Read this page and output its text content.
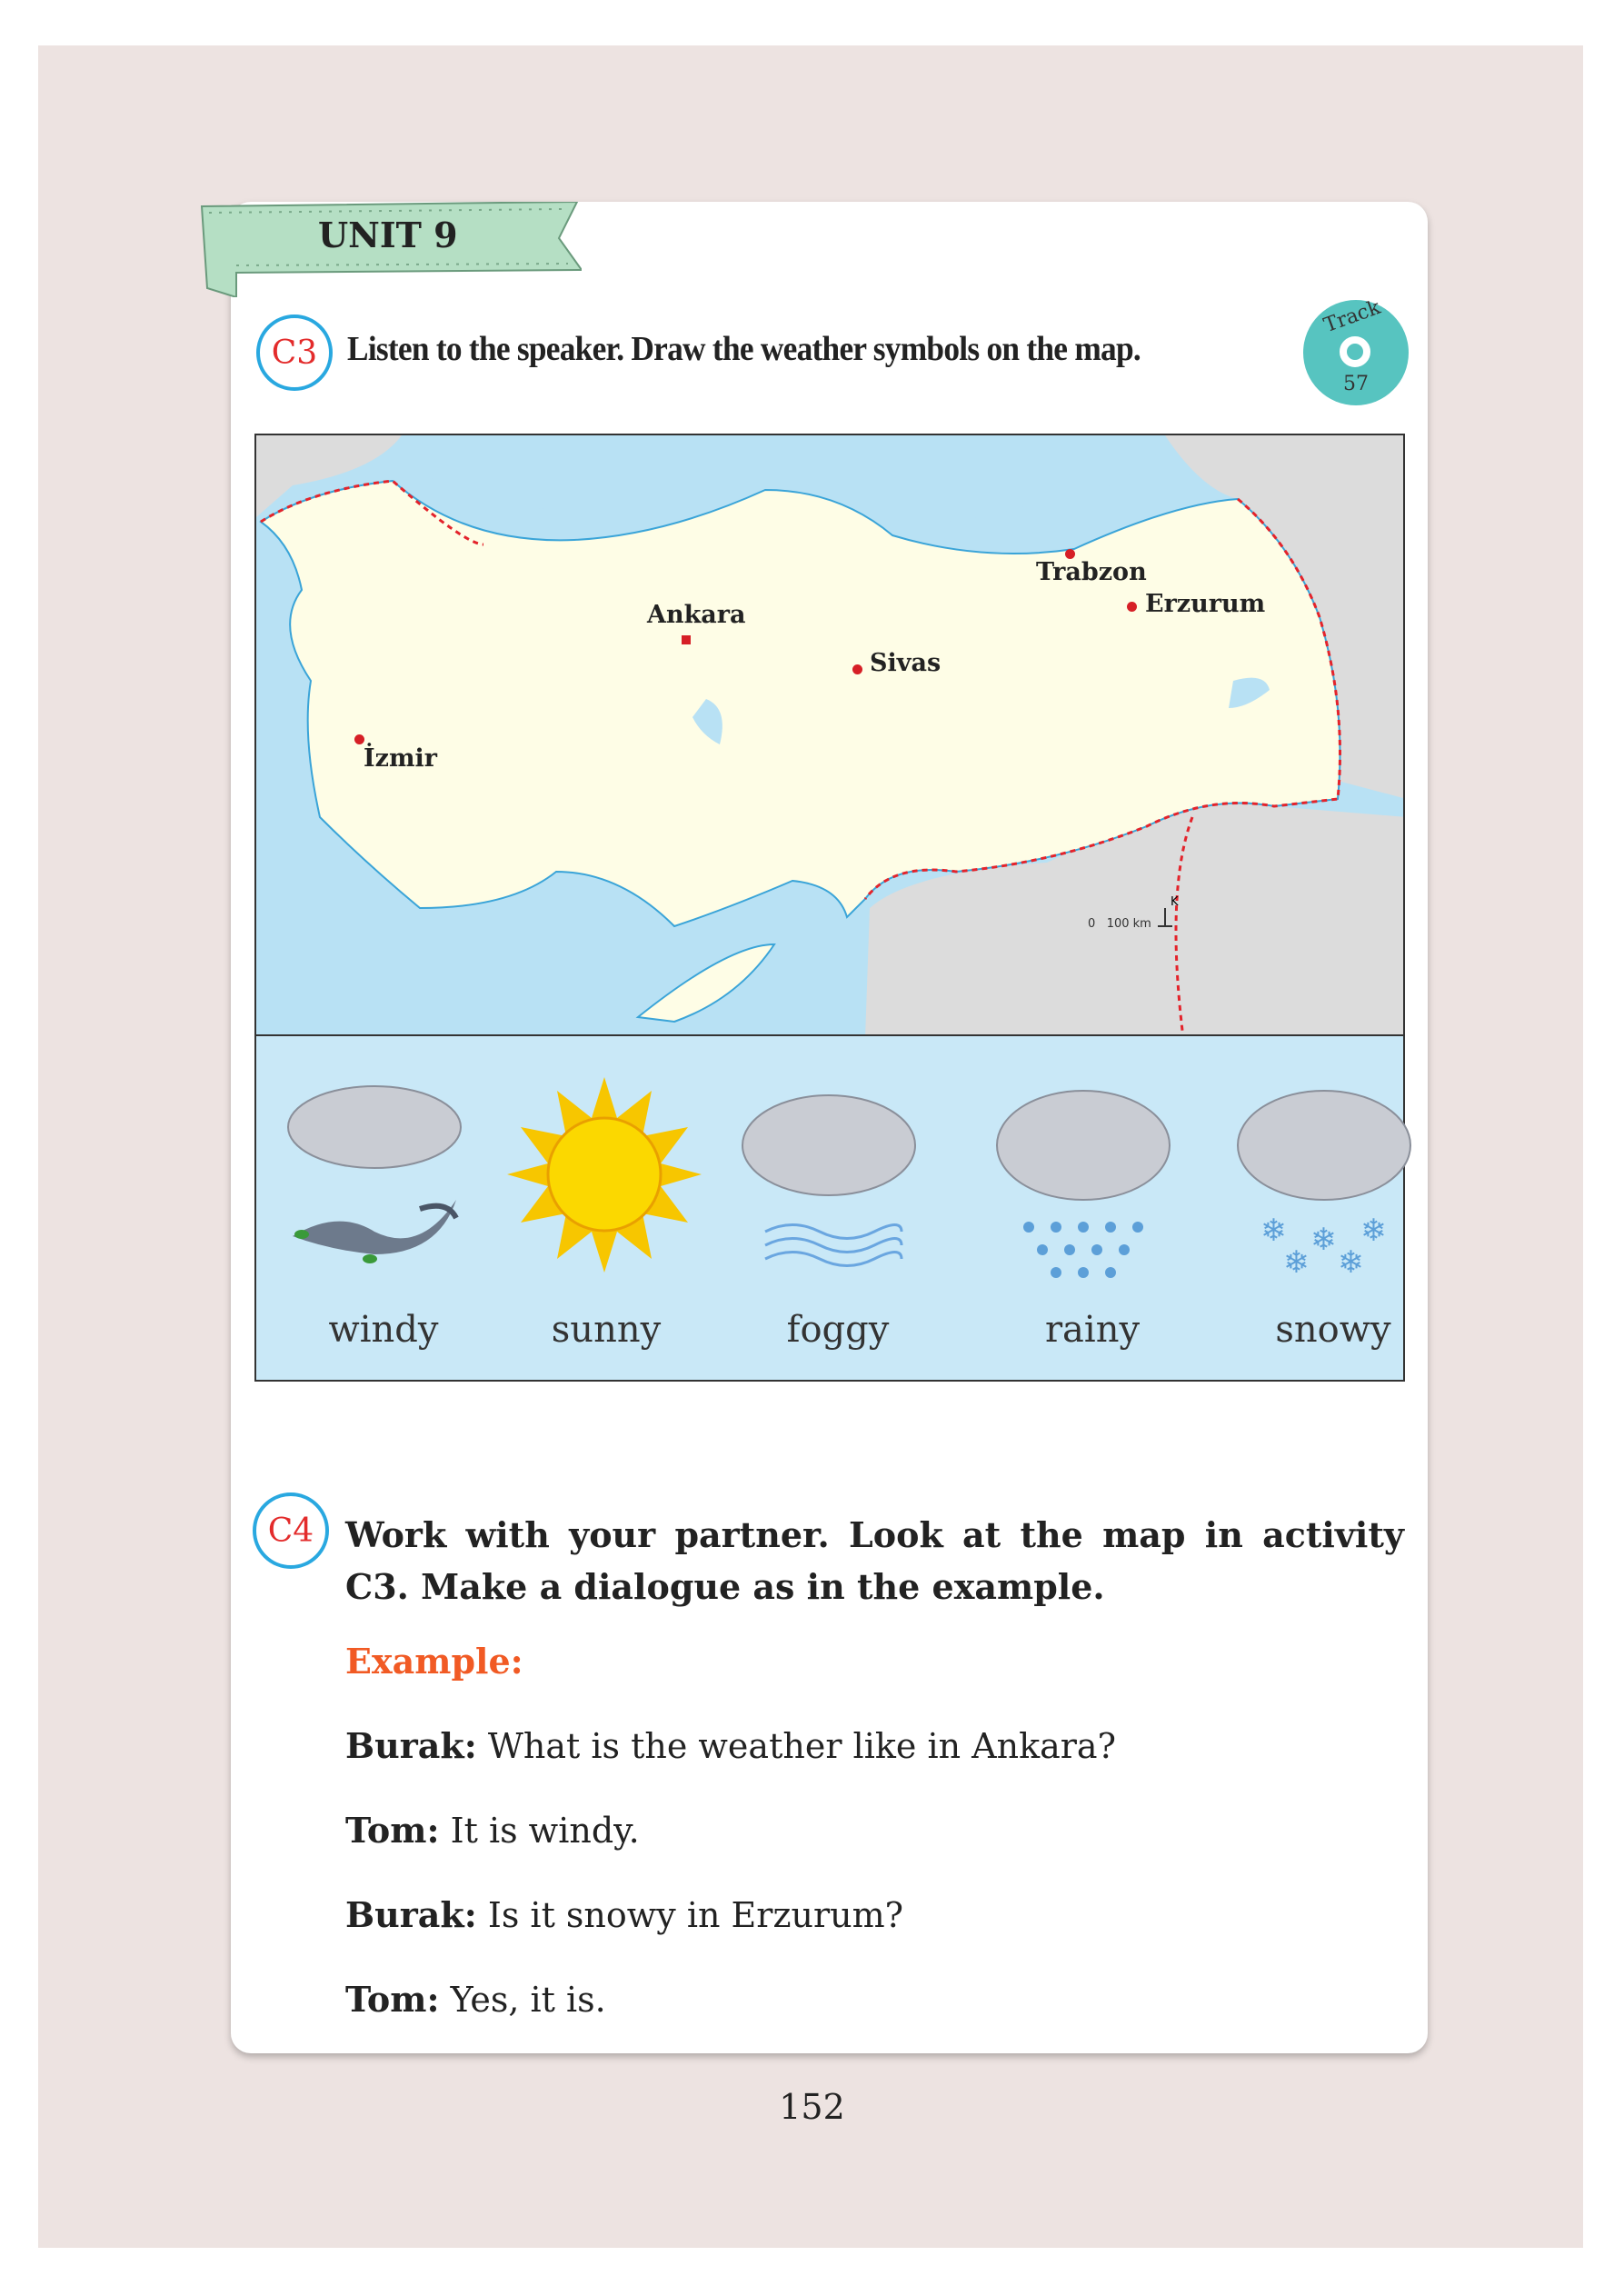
UNIT 9
C3 Listen to the speaker. Draw the weather symbols on the map.
Track
57
Trabzon
Erzurum
Ankara
Sivas
İzmir
0 100 km
K
windy	sunny	foggy	rainy
❄ ❄ ❄
❄ ❄
snowy
C4 Work with your partner. Look at the map in activity C3. Make a dialogue as in the example.
Example:
Burak: What is the weather like in Ankara?
Tom: It is windy.
Burak: Is it snowy in Erzurum?
Tom: Yes, it is.
152
